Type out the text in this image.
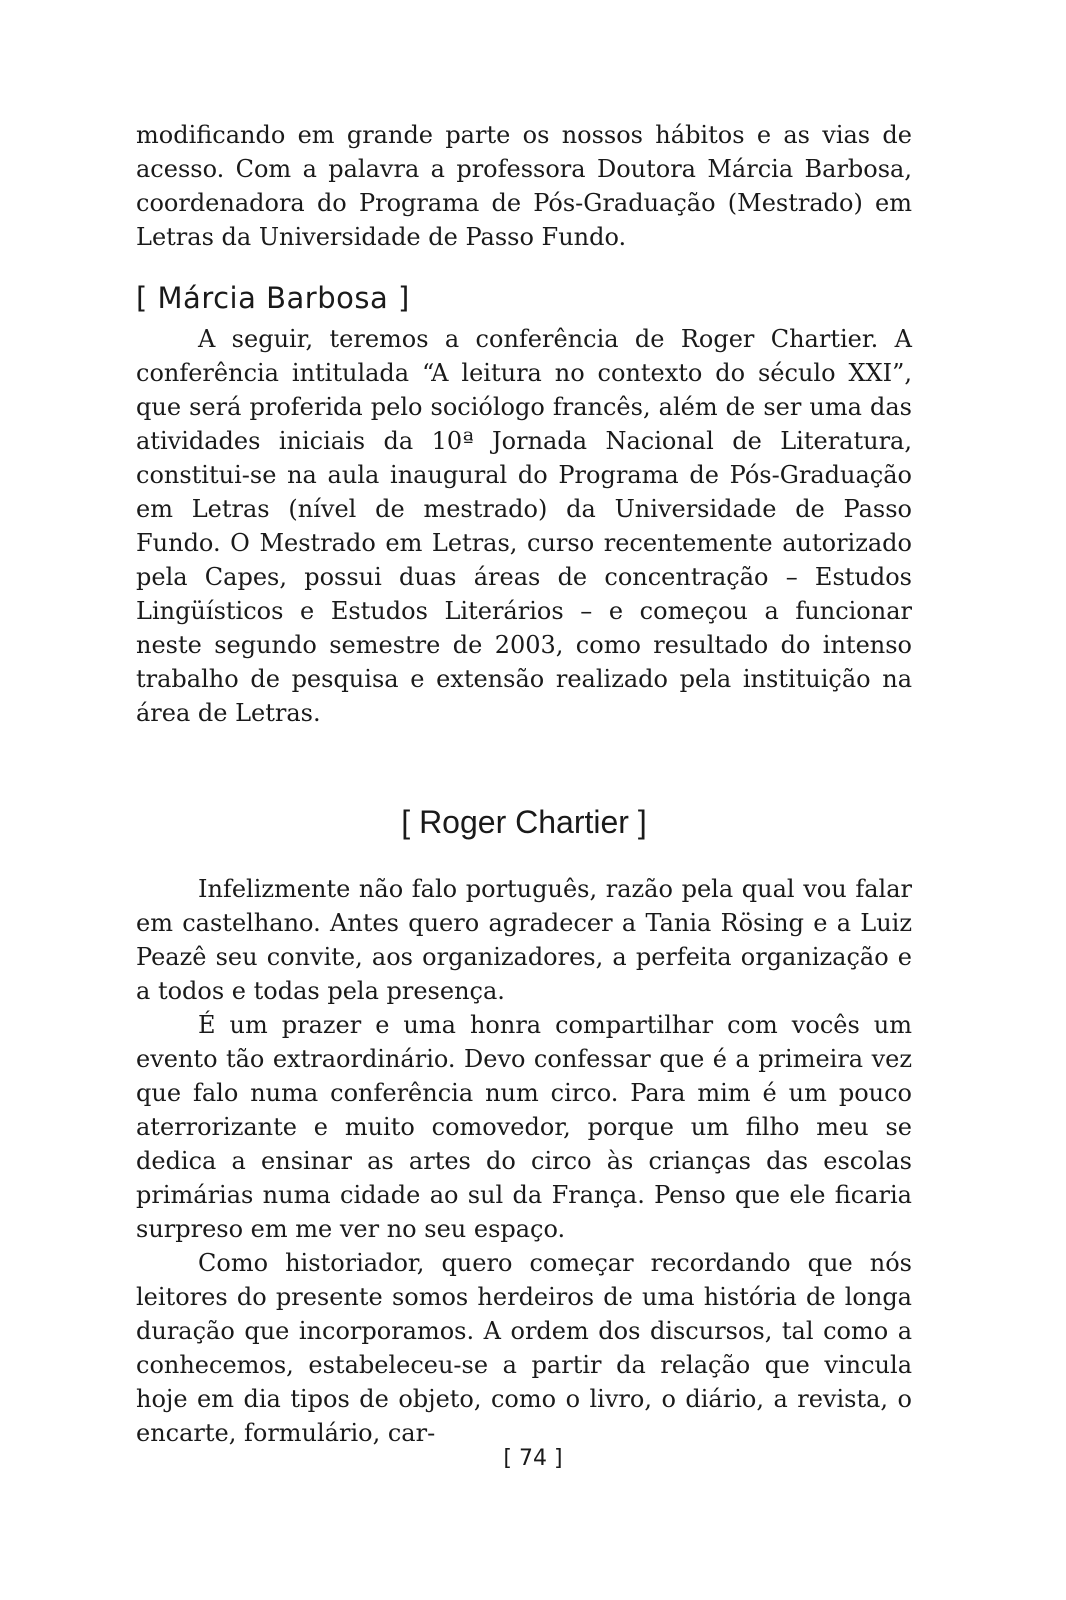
modificando em grande parte os nossos hábitos e as vias de acesso. Com a palavra a professora Doutora Márcia Barbosa, coordenadora do Programa de Pós-Graduação (Mestrado) em Letras da Universidade de Passo Fundo.

[ Márcia Barbosa ]

A seguir, teremos a conferência de Roger Chartier. A conferência intitulada “A leitura no contexto do século XXI”, que será proferida pelo sociólogo francês, além de ser uma das atividades iniciais da 10ª Jornada Nacional de Literatura, constitui-se na aula inaugural do Programa de Pós-Graduação em Letras (nível de mestrado) da Universidade de Passo Fundo. O Mestrado em Letras, curso recentemente autorizado pela Capes, possui duas áreas de concentração – Estudos Lingüísticos e Estudos Literários – e começou a funcionar neste segundo semestre de 2003, como resultado do intenso trabalho de pesquisa e extensão realizado pela instituição na área de Letras.

[ Roger Chartier ]

Infelizmente não falo português, razão pela qual vou falar em castelhano. Antes quero agradecer a Tania Rösing e a Luiz Peazê seu convite, aos organizadores, a perfeita organização e a todos e todas pela presença.

É um prazer e uma honra compartilhar com vocês um evento tão extraordinário. Devo confessar que é a primeira vez que falo numa conferência num circo. Para mim é um pouco aterrorizante e muito comovedor, porque um filho meu se dedica a ensinar as artes do circo às crianças das escolas primárias numa cidade ao sul da França. Penso que ele ficaria surpreso em me ver no seu espaço.

Como historiador, quero começar recordando que nós leitores do presente somos herdeiros de uma história de longa duração que incorporamos. A ordem dos discursos, tal como a conhecemos, estabeleceu-se a partir da relação que vincula hoje em dia tipos de objeto, como o livro, o diário, a revista, o encarte, formulário, car-

[ 74 ]
